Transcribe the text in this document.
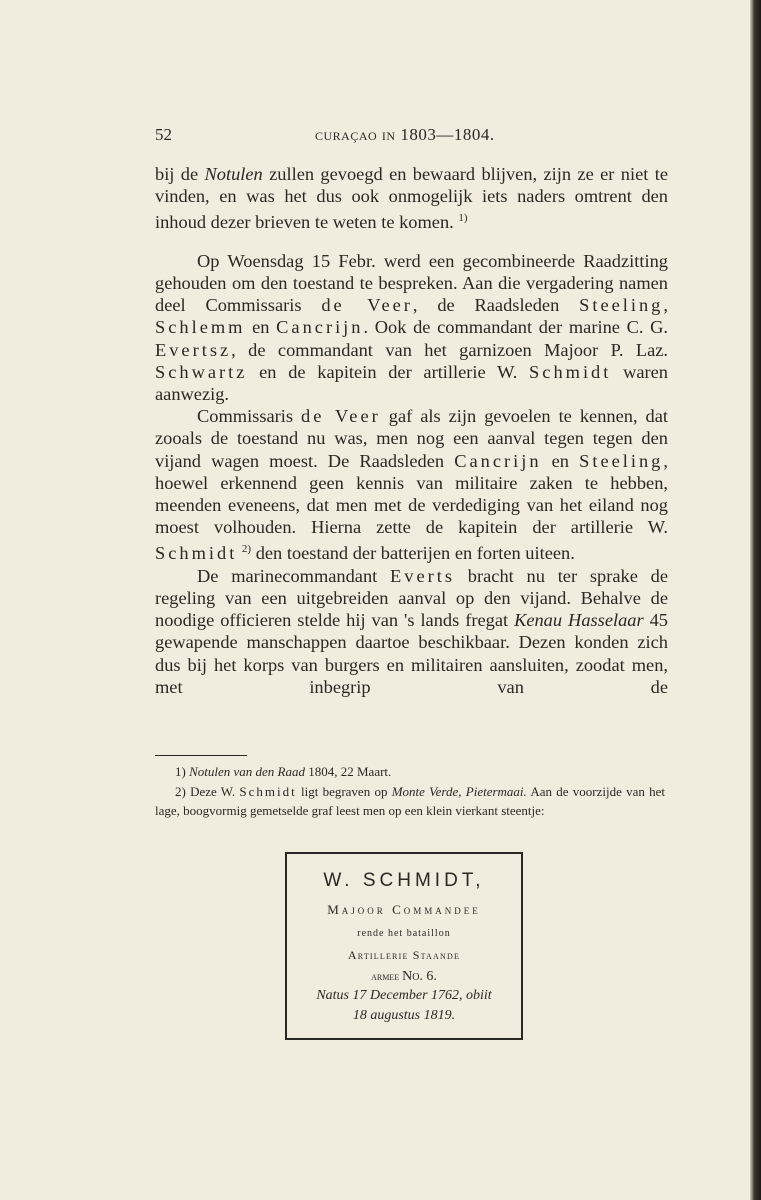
52	curaçao in 1803—1804.

bij de Notulen zullen gevoegd en bewaard blijven, zijn ze er niet te vinden, en was het dus ook onmogelijk iets naders omtrent den inhoud dezer brieven te weten te komen. $^{1)}$

Op Woensdag 15 Febr. werd een gecombineerde Raadzitting gehouden om den toestand te bespreken. Aan die vergadering namen deel Commissaris de Veer, de Raadsleden Steeling, Schlemm en Cancrijn. Ook de commandant der marine C. G. Evertsz, de commandant van het garnizoen Majoor P. Laz. Schwartz en de kapitein der artillerie W. Schmidt waren aanwezig.

Commissaris de Veer gaf als zijn gevoelen te kennen, dat zooals de toestand nu was, men nog een aanval tegen tegen den vijand wagen moest. De Raadsleden Cancrijn en Steeling, hoewel erkennend geen kennis van militaire zaken te hebben, meenden eveneens, dat men met de verdediging van het eiland nog moest volhouden. Hierna zette de kapitein der artillerie W. Schmidt $^{2)}$ den toestand der batterijen en forten uiteen.

De marinecommandant Everts bracht nu ter sprake de regeling van een uitgebreiden aanval op den vijand. Behalve de noodige officieren stelde hij van 's lands fregat Kenau Hasselaar 45 gewapende manschappen daartoe beschikbaar. Dezen konden zich dus bij het korps van burgers en militairen aansluiten, zoodat men, met inbegrip van de

1) Notulen van den Raad 1804, 22 Maart.

2) Deze W. Schmidt ligt begraven op Monte Verde, Pietermaai. Aan de voorzijde van het lage, boogvormig gemetselde graf leest men op een klein vierkant steentje:

W. SCHMIDT,
Majoor Commandee
rende het bataillon
Artillerie Staande
armee No. 6.
Natus 17 December 1762, obiit
18 augustus 1819.
